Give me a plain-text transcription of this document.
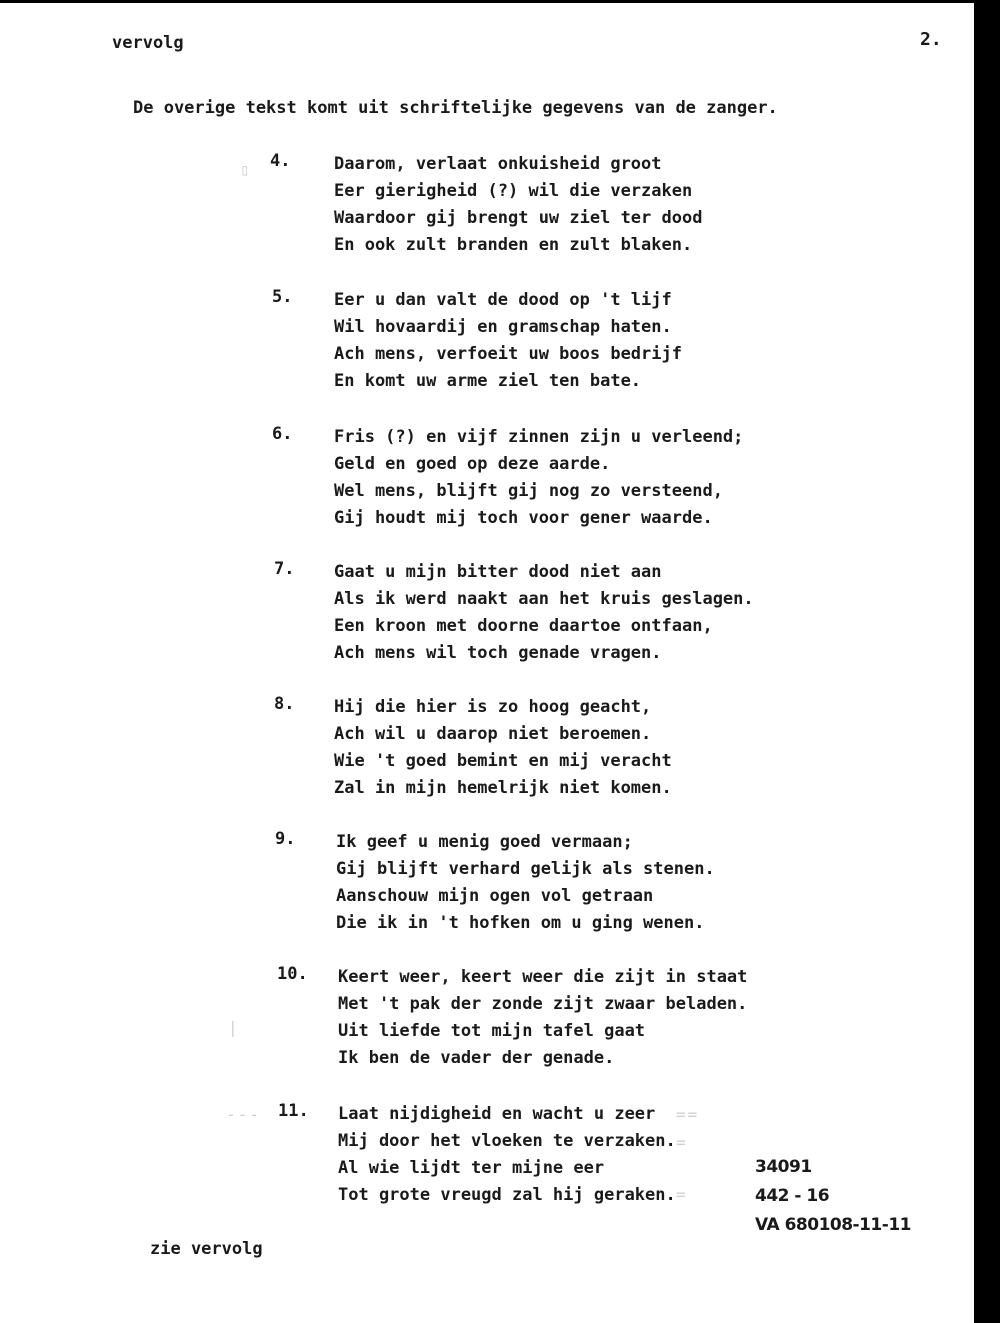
vervolg	2.
De overige tekst komt uit schriftelijke gegevens van de zanger.
▯
|​
---	==
=
=
4.	Daarom, verlaat onkuisheid groot
Eer gierigheid (?) wil die verzaken
Waardoor gij brengt uw ziel ter dood
En ook zult branden en zult blaken.
5. Eer u dan valt de dood op 't lijf
Wil hovaardij en gramschap haten.
Ach mens, verfoeit uw boos bedrijf
En komt uw arme ziel ten bate.
6. Fris (?) en vijf zinnen zijn u verleend;
Geld en goed op deze aarde.
Wel mens, blijft gij nog zo versteend,
Gij houdt mij toch voor gener waarde.
7. Gaat u mijn bitter dood niet aan
Als ik werd naakt aan het kruis geslagen.
Een kroon met doorne daartoe ontfaan,
Ach mens wil toch genade vragen.
8. Hij die hier is zo hoog geacht,
Ach wil u daarop niet beroemen.
Wie 't goed bemint en mij veracht
Zal in mijn hemelrijk niet komen.
9. Ik geef u menig goed vermaan;
Gij blijft verhard gelijk als stenen.
Aanschouw mijn ogen vol getraan
Die ik in 't hofken om u ging wenen.
10. Keert weer, keert weer die zijt in staat
Met 't pak der zonde zijt zwaar beladen.
Uit liefde tot mijn tafel gaat
Ik ben de vader der genade.
11. Laat nijdigheid en wacht u zeer
Mij door het vloeken te verzaken.
Al wie lijdt ter mijne eer
Tot grote vreugd zal hij geraken.
34091
442 - 16
VA 680108-11-11
zie vervolg
